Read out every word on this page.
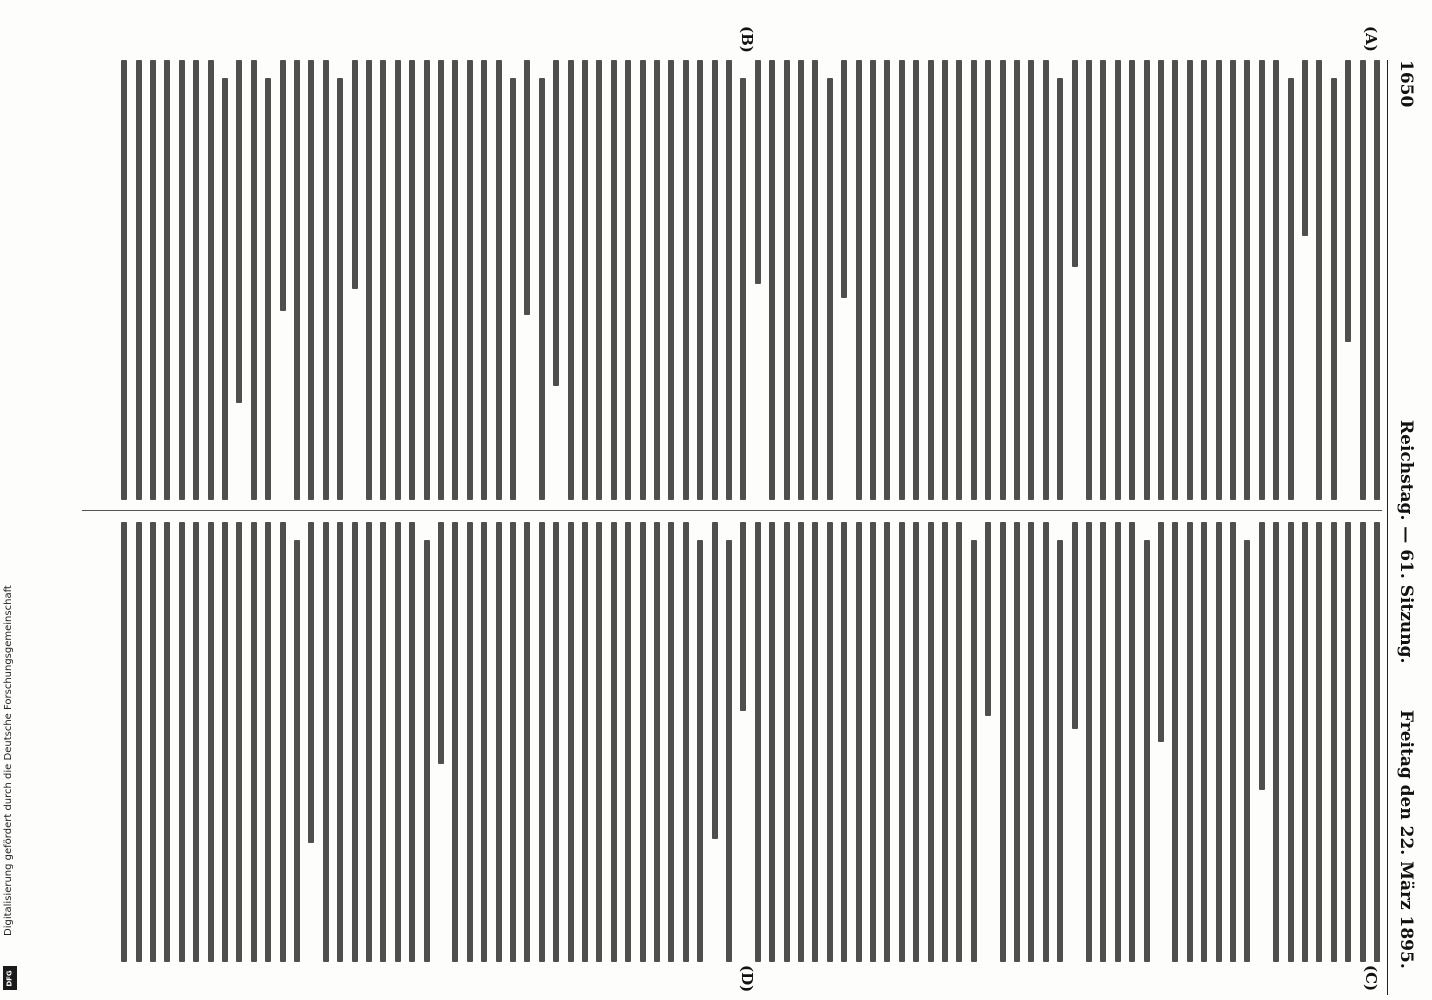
1650
Reichstag. — 61. Sitzung.
Freitag den 22. März 1895.
(A)
(B)
(C)
(D)
Digitalisierung gefördert durch die Deutsche Forschungsgemeinschaft
DFG
